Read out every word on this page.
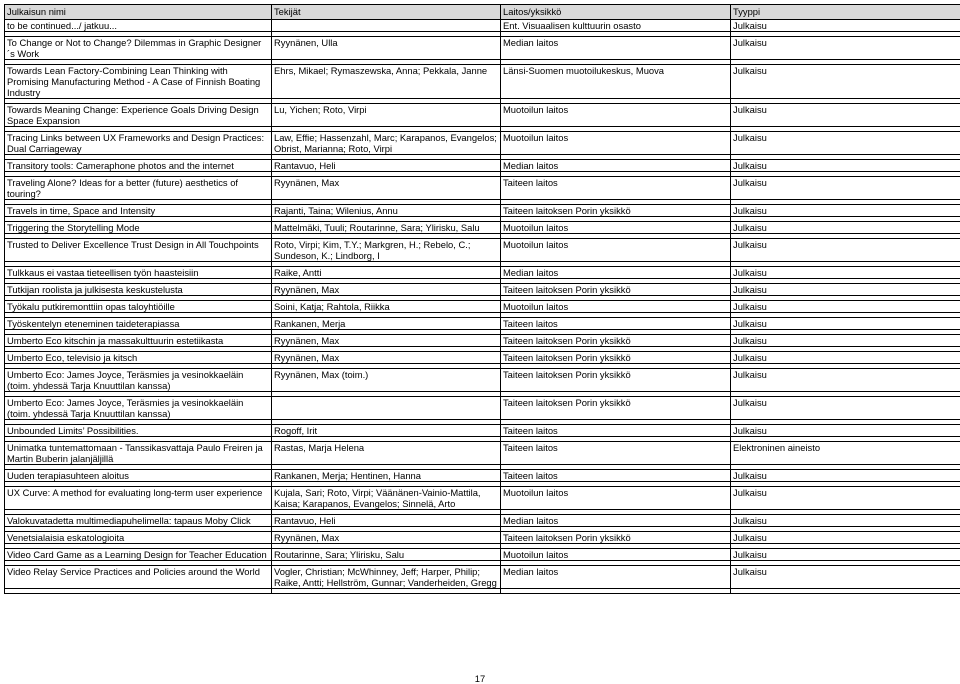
Julkaisun nimi	Tekijät	Laitos/yksikkö	Tyyppi
to be continued.../ jatkuu...		Ent. Visuaalisen kulttuurin osasto	Julkaisu

To Change or Not to Change? Dilemmas in Graphic Designer´s Work	Ryynänen, Ulla	Median laitos	Julkaisu

Towards Lean Factory-Combining Lean Thinking with Promising Manufacturing Method - A Case of Finnish Boating Industry	Ehrs, Mikael; Rymaszewska, Anna; Pekkala, Janne	Länsi-Suomen muotoilukeskus, Muova	Julkaisu

Towards Meaning Change: Experience Goals Driving Design Space Expansion	Lu, Yichen; Roto, Virpi	Muotoilun laitos	Julkaisu

Tracing Links between UX Frameworks and Design Practices: Dual Carriageway	Law, Effie; Hassenzahl, Marc; Karapanos, Evangelos; Obrist, Marianna; Roto, Virpi	Muotoilun laitos	Julkaisu

Transitory tools: Cameraphone photos and the internet	Rantavuo, Heli	Median laitos	Julkaisu

Traveling Alone? Ideas for a better (future) aesthetics of touring?	Ryynänen, Max	Taiteen laitos	Julkaisu

Travels in time, Space and Intensity	Rajanti, Taina; Wilenius, Annu	Taiteen laitoksen Porin yksikkö	Julkaisu

Triggering the Storytelling Mode	Mattelmäki, Tuuli; Routarinne, Sara; Ylirisku, Salu	Muotoilun laitos	Julkaisu

Trusted to Deliver Excellence Trust Design in All Touchpoints	Roto, Virpi; Kim, T.Y.; Markgren, H.; Rebelo, C.; Sundeson, K.; Lindborg, I	Muotoilun laitos	Julkaisu

Tulkkaus ei vastaa tieteellisen työn haasteisiin	Raike, Antti	Median laitos	Julkaisu

Tutkijan roolista ja julkisesta keskustelusta	Ryynänen, Max	Taiteen laitoksen Porin yksikkö	Julkaisu

Työkalu putkiremonttiin opas taloyhtiöille	Soini, Katja; Rahtola, Riikka	Muotoilun laitos	Julkaisu

Työskentelyn eteneminen taideterapiassa	Rankanen, Merja	Taiteen laitos	Julkaisu

Umberto Eco kitschin ja massakulttuurin estetiikasta	Ryynänen, Max	Taiteen laitoksen Porin yksikkö	Julkaisu

Umberto Eco, televisio ja kitsch	Ryynänen, Max	Taiteen laitoksen Porin yksikkö	Julkaisu

Umberto Eco: James Joyce, Teräsmies ja vesinokkaeläin (toim. yhdessä Tarja Knuuttilan kanssa)	Ryynänen, Max (toim.)	Taiteen laitoksen Porin yksikkö	Julkaisu

Umberto Eco: James Joyce, Teräsmies ja vesinokkaeläin (toim. yhdessä Tarja Knuuttilan kanssa)		Taiteen laitoksen Porin yksikkö	Julkaisu

Unbounded Limits’ Possibilities.	Rogoff, Irit	Taiteen laitos	Julkaisu

Unimatka tuntemattomaan - Tanssikasvattaja Paulo Freiren ja Martin Buberin jalanjäljillä	Rastas, Marja Helena	Taiteen laitos	Elektroninen aineisto

Uuden terapiasuhteen aloitus	Rankanen, Merja; Hentinen, Hanna	Taiteen laitos	Julkaisu

UX Curve: A method for evaluating long-term user experience	Kujala, Sari; Roto, Virpi; Väänänen-Vainio-Mattila, Kaisa; Karapanos, Evangelos; Sinnelä, Arto	Muotoilun laitos	Julkaisu

Valokuvatadetta multimediapuhelimella: tapaus Moby Click	Rantavuo, Heli	Median laitos	Julkaisu

Venetsialaisia eskatologioita	Ryynänen, Max	Taiteen laitoksen Porin yksikkö	Julkaisu

Video Card Game as a Learning Design for Teacher Education	Routarinne, Sara; Ylirisku, Salu	Muotoilun laitos	Julkaisu

Video Relay Service Practices and Policies around the World	Vogler, Christian; McWhinney, Jeff; Harper, Philip; Raike, Antti; Hellström, Gunnar; Vanderheiden, Gregg	Median laitos	Julkaisu

17
